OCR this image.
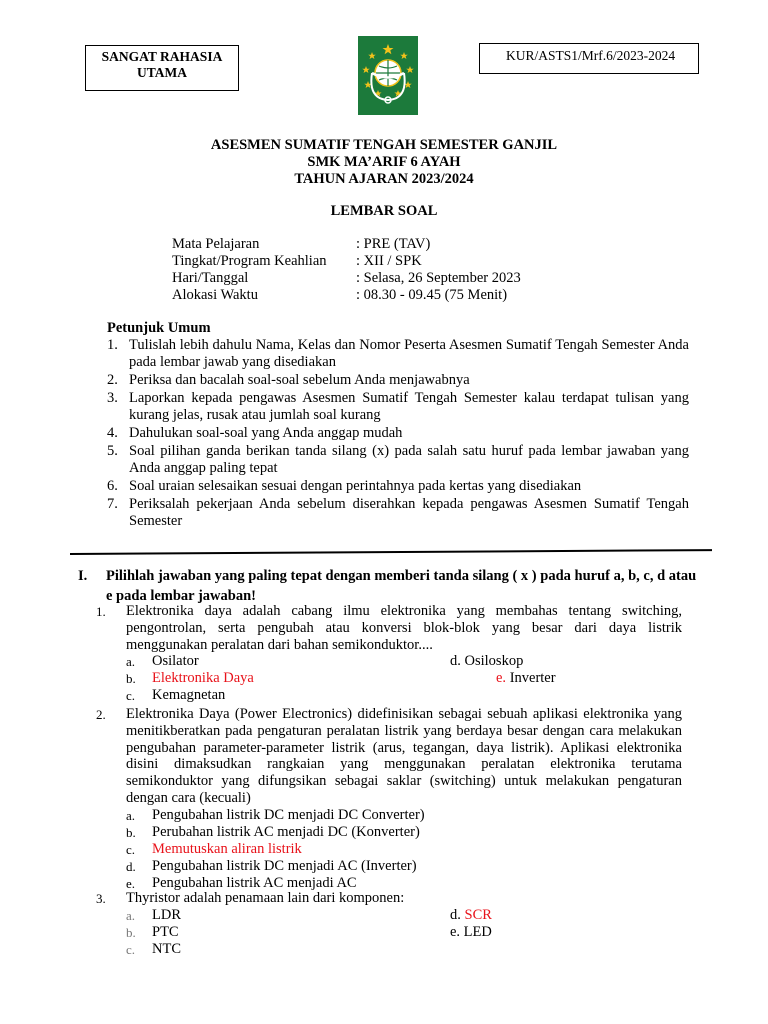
SANGAT RAHASIA
UTAMA
KUR/ASTS1/Mrf.6/2023-2024
ASESMEN SUMATIF TENGAH SEMESTER GANJIL
SMK MA’ARIF 6 AYAH
TAHUN AJARAN 2023/2024
LEMBAR SOAL
Mata Pelajaran	: PRE (TAV)
Tingkat/Program Keahlian : XII / SPK
Hari/Tanggal	: Selasa, 26 September 2023
Alokasi Waktu	: 08.30 - 09.45 (75 Menit)
Petunjuk Umum
1. Tulislah lebih dahulu Nama, Kelas dan Nomor Peserta Asesmen Sumatif Tengah Semester Anda pada lembar jawab yang disediakan
2. Periksa dan bacalah soal-soal sebelum Anda menjawabnya
3. Laporkan kepada pengawas Asesmen Sumatif Tengah Semester kalau terdapat tulisan yang kurang jelas, rusak atau jumlah soal kurang
4. Dahulukan soal-soal yang Anda anggap mudah
5. Soal pilihan ganda berikan tanda silang (x) pada salah satu huruf pada lembar jawaban yang Anda anggap paling tepat
6. Soal uraian selesaikan sesuai dengan perintahnya pada kertas yang disediakan
7. Periksalah pekerjaan Anda sebelum diserahkan kepada pengawas Asesmen Sumatif Tengah Semester
I.	Pilihlah jawaban yang paling tepat dengan memberi tanda silang ( x ) pada huruf a, b, c, d atau e pada lembar jawaban!
1. Elektronika daya adalah cabang ilmu elektronika yang membahas tentang switching, pengontrolan, serta pengubah atau konversi blok-blok yang besar dari daya listrik menggunakan peralatan dari bahan semikonduktor....
a. Osilator	d. Osiloskop
b. Elektronika Daya	e. Inverter
c. Kemagnetan
2. Elektronika Daya (Power Electronics) didefinisikan sebagai sebuah aplikasi elektronika yang menitikberatkan pada pengaturan peralatan listrik yang berdaya besar dengan cara melakukan pengubahan parameter-parameter listrik (arus, tegangan, daya listrik). Aplikasi elektronika disini dimaksudkan rangkaian yang menggunakan peralatan elektronika terutama semikonduktor yang difungsikan sebagai saklar (switching) untuk melakukan pengaturan dengan cara (kecuali)
a. Pengubahan listrik DC menjadi DC Converter)
b. Perubahan listrik AC menjadi DC (Konverter)
c. Memutuskan aliran listrik
d. Pengubahan listrik DC menjadi AC (Inverter)
e. Pengubahan listrik AC menjadi AC
3. Thyristor adalah penamaan lain dari komponen:
a. LDR	d. SCR
b. PTC	e. LED
c. NTC
